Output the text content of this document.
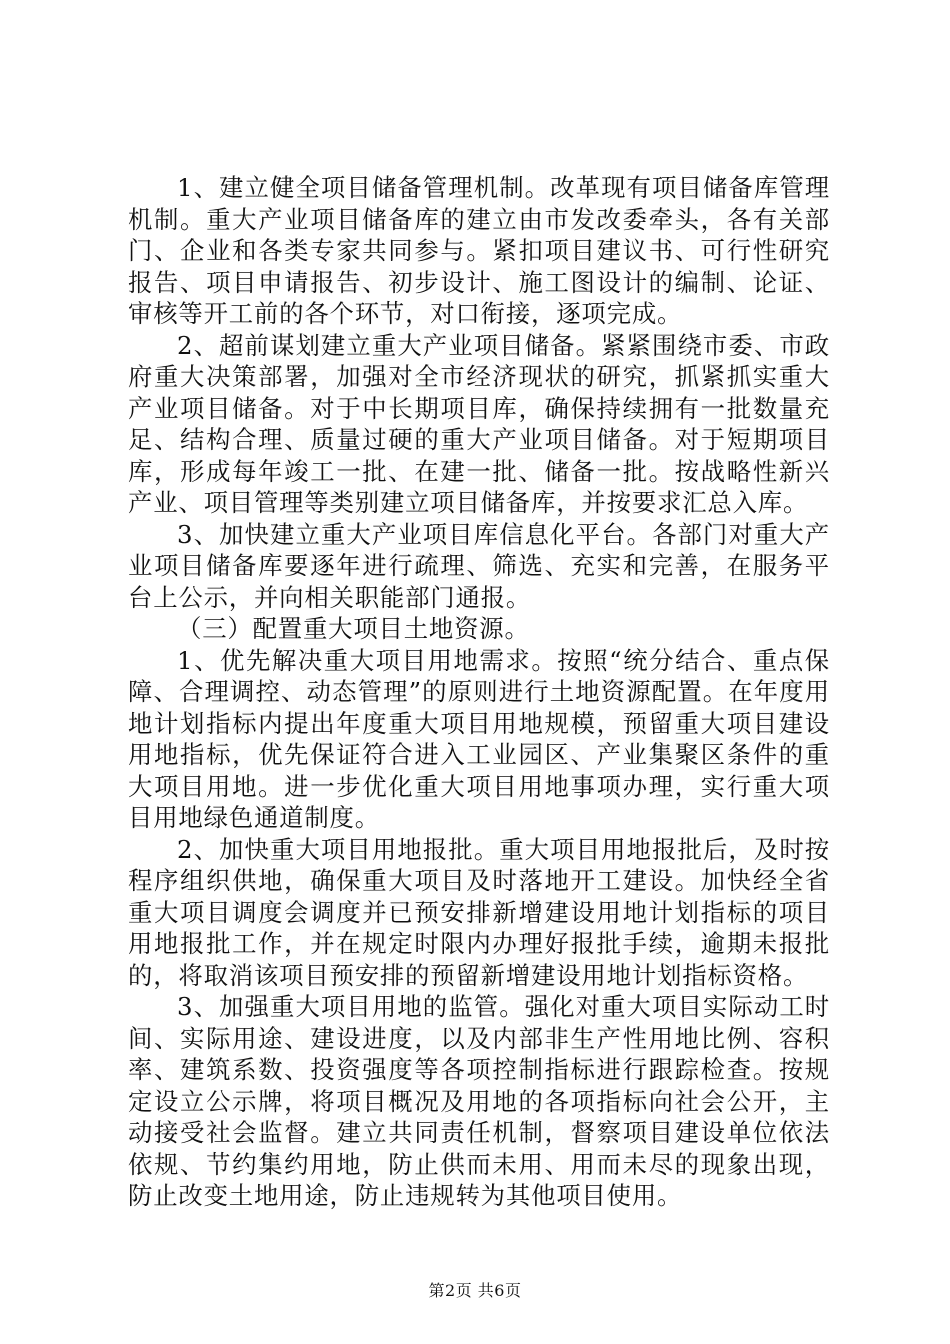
1、建立健全项目储备管理机制。改革现有项目储备库管理机制。重大产业项目储备库的建立由市发改委牵头，各有关部门、企业和各类专家共同参与。紧扣项目建议书、可行性研究报告、项目申请报告、初步设计、施工图设计的编制、论证、审核等开工前的各个环节，对口衔接，逐项完成。

2、超前谋划建立重大产业项目储备。紧紧围绕市委、市政府重大决策部署，加强对全市经济现状的研究，抓紧抓实重大产业项目储备。对于中长期项目库，确保持续拥有一批数量充足、结构合理、质量过硬的重大产业项目储备。对于短期项目库，形成每年竣工一批、在建一批、储备一批。按战略性新兴产业、项目管理等类别建立项目储备库，并按要求汇总入库。

3、加快建立重大产业项目库信息化平台。各部门对重大产业项目储备库要逐年进行疏理、筛选、充实和完善，在服务平台上公示，并向相关职能部门通报。

（三）配置重大项目土地资源。

1、优先解决重大项目用地需求。按照“统分结合、重点保障、合理调控、动态管理”的原则进行土地资源配置。在年度用地计划指标内提出年度重大项目用地规模，预留重大项目建设用地指标，优先保证符合进入工业园区、产业集聚区条件的重大项目用地。进一步优化重大项目用地事项办理，实行重大项目用地绿色通道制度。

2、加快重大项目用地报批。重大项目用地报批后，及时按程序组织供地，确保重大项目及时落地开工建设。加快经全省重大项目调度会调度并已预安排新增建设用地计划指标的项目用地报批工作，并在规定时限内办理好报批手续，逾期未报批的，将取消该项目预安排的预留新增建设用地计划指标资格。

3、加强重大项目用地的监管。强化对重大项目实际动工时间、实际用途、建设进度，以及内部非生产性用地比例、容积率、建筑系数、投资强度等各项控制指标进行跟踪检查。按规定设立公示牌，将项目概况及用地的各项指标向社会公开，主动接受社会监督。建立共同责任机制，督察项目建设单位依法依规、节约集约用地，防止供而未用、用而未尽的现象出现，防止改变土地用途，防止违规转为其他项目使用。

第2页 共6页
